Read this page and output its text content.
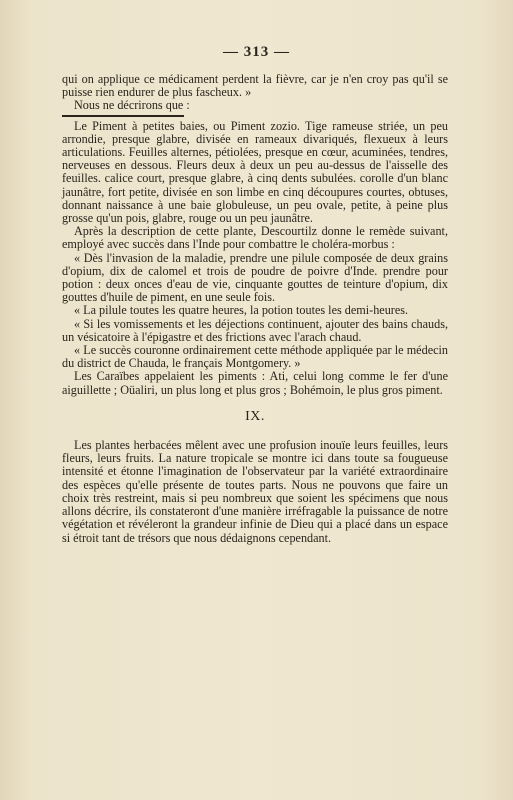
— 313 —

qui on applique ce médicament perdent la fièvre, car je n'en croy pas qu'il se puisse rien endurer de plus fascheux. »

Nous ne décrirons que :

Le Piment à petites baies, ou Piment zozio. Tige rameuse striée, un peu arrondie, presque glabre, divisée en rameaux divariqués, flexueux à leurs articulations. Feuilles alternes, pétiolées, presque en cœur, acuminées, tendres, nerveuses en dessous. Fleurs deux à deux un peu au-dessus de l'aisselle des feuilles. calice court, presque glabre, à cinq dents subulées. corolle d'un blanc jaunâtre, fort petite, divisée en son limbe en cinq découpures courtes, obtuses, donnant naissance à une baie globuleuse, un peu ovale, petite, à peine plus grosse qu'un pois, glabre, rouge ou un peu jaunâtre.

Après la description de cette plante, Descourtilz donne le remède suivant, employé avec succès dans l'Inde pour combattre le choléra-morbus :

« Dès l'invasion de la maladie, prendre une pilule composée de deux grains d'opium, dix de calomel et trois de poudre de poivre d'Inde. prendre pour potion : deux onces d'eau de vie, cinquante gouttes de teinture d'opium, dix gouttes d'huile de piment, en une seule fois.

« La pilule toutes les quatre heures, la potion toutes les demi-heures.

« Si les vomissements et les déjections continuent, ajouter des bains chauds, un vésicatoire à l'épigastre et des frictions avec l'arach chaud.

« Le succès couronne ordinairement cette méthode appliquée par le médecin du district de Chauda, le français Montgomery. »

Les Caraïbes appelaient les piments : Ati, celui long comme le fer d'une aiguillette ; Oüaliri, un plus long et plus gros ; Bohémoin, le plus gros piment.

IX.

Les plantes herbacées mêlent avec une profusion inouïe leurs feuilles, leurs fleurs, leurs fruits. La nature tropicale se montre ici dans toute sa fougueuse intensité et étonne l'imagination de l'observateur par la variété extraordinaire des espèces qu'elle présente de toutes parts. Nous ne pouvons que faire un choix très restreint, mais si peu nombreux que soient les spécimens que nous allons décrire, ils constateront d'une manière irréfragable la puissance de notre végétation et révéleront la grandeur infinie de Dieu qui a placé dans un espace si étroit tant de trésors que nous dédaignons cependant.
